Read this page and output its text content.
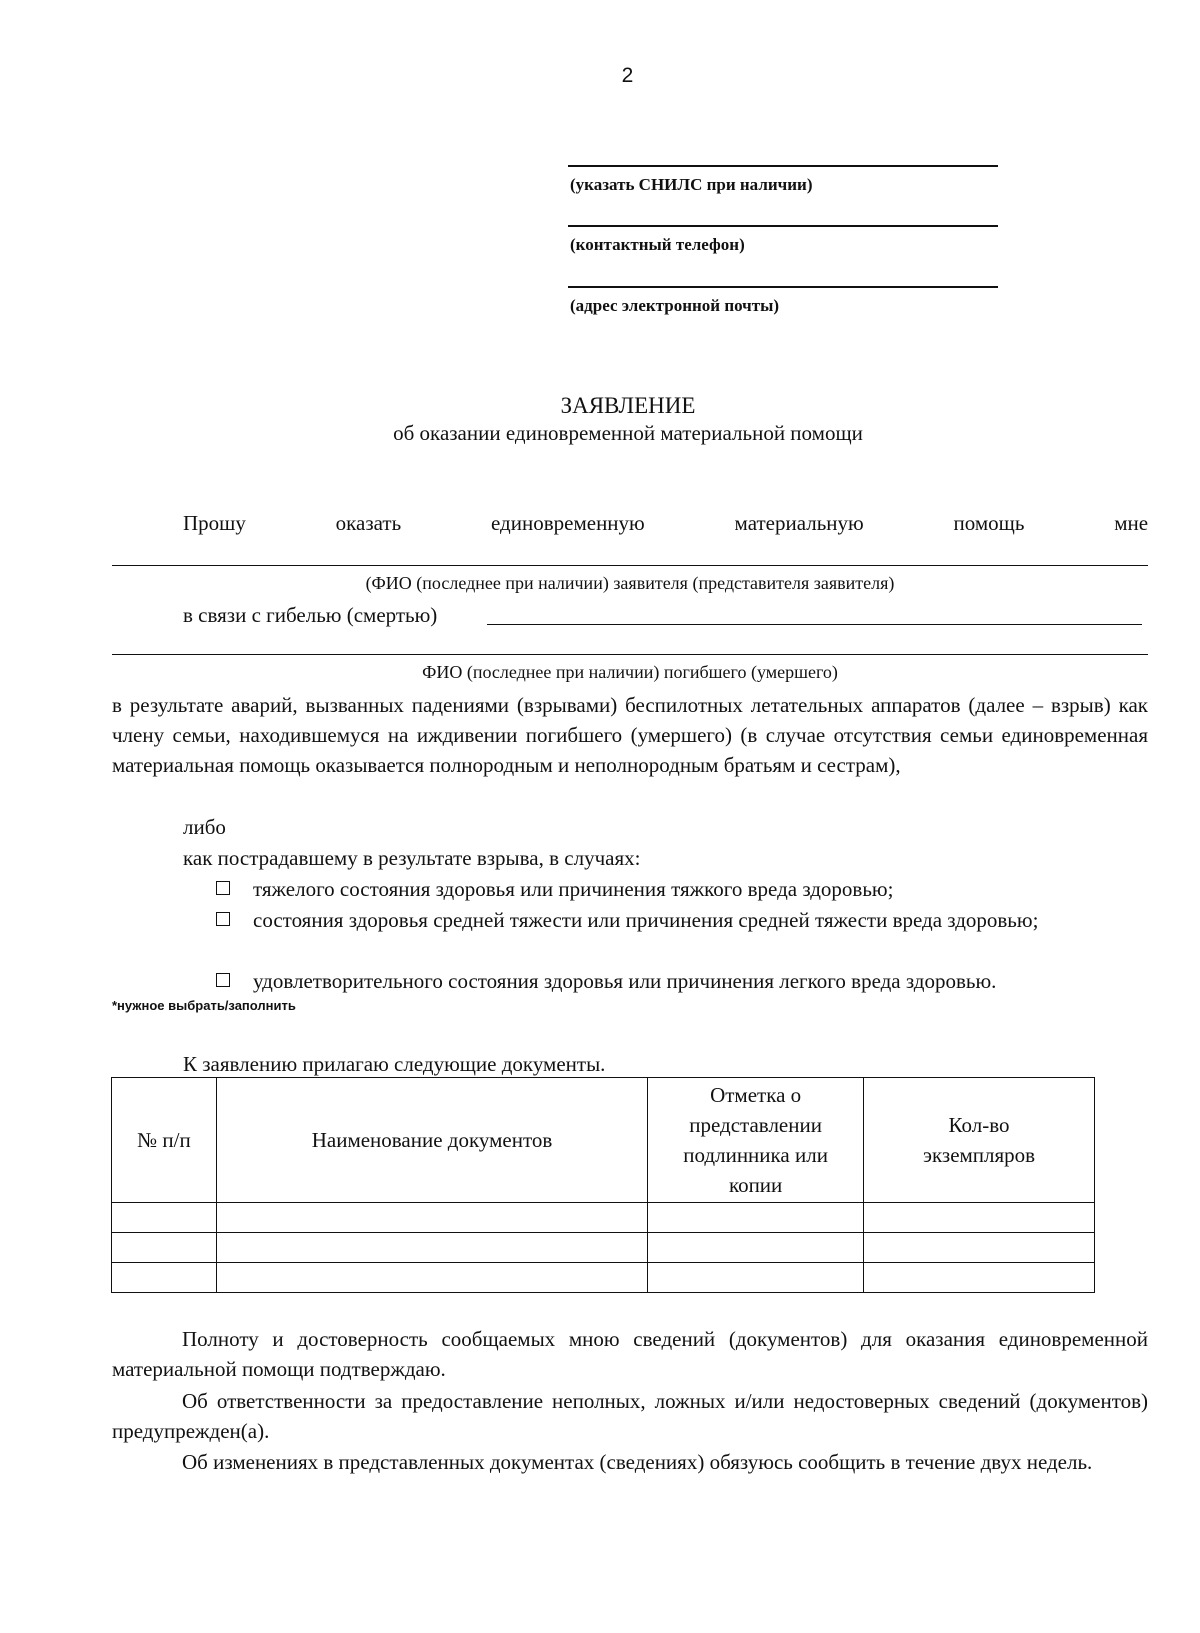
2
(указать СНИЛС при наличии)
(контактный телефон)
(адрес электронной почты)
ЗАЯВЛЕНИЕ
об оказании единовременной материальной помощи
Прошу	оказать	единовременную	материальную	помощь	мне
(ФИО (последнее при наличии) заявителя (представителя заявителя)
в связи с гибелью (смертью)
ФИО (последнее при наличии) погибшего (умершего)
в результате аварий, вызванных падениями (взрывами) беспилотных летательных аппаратов (далее – взрыв) как члену семьи, находившемуся на иждивении погибшего (умершего) (в случае отсутствия семьи единовременная материальная помощь оказывается полнородным и неполнородным братьям и сестрам),
либо
как пострадавшему в результате взрыва, в случаях:
тяжелого состояния здоровья или причинения тяжкого вреда здоровью;
состояния здоровья средней тяжести или причинения средней тяжести вреда здоровью;
удовлетворительного состояния здоровья или причинения легкого вреда здоровью.
*нужное выбрать/заполнить
К заявлению прилагаю следующие документы.
№ п/п	Наименование документов	Отметка о представлении подлинника или копии	Кол-во экземпляров

Полноту и достоверность сообщаемых мною сведений (документов) для оказания единовременной материальной помощи подтверждаю.
Об ответственности за предоставление неполных, ложных и/или недостоверных сведений (документов) предупрежден(а).
Об изменениях в представленных документах (сведениях) обязуюсь сообщить в течение двух недель.
